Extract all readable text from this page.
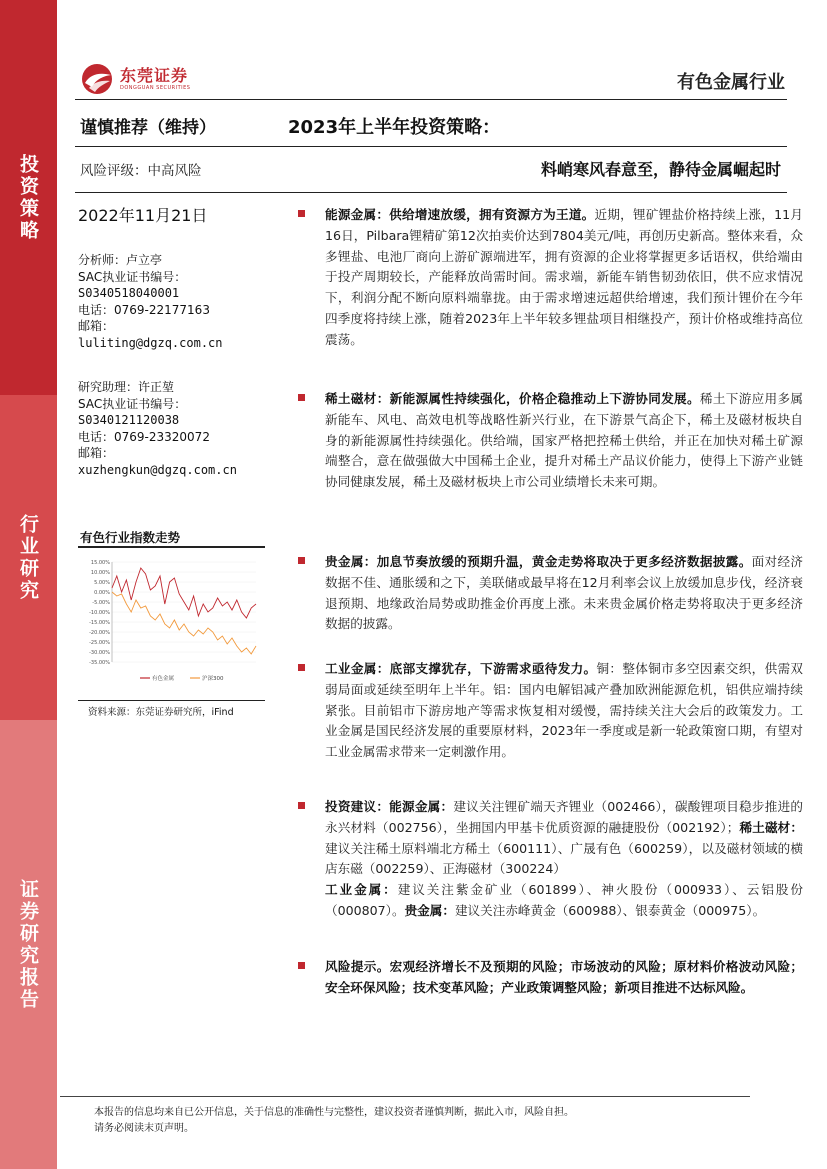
投资策略
行业研究
证券研究报告
东莞证券
DONGGUAN SECURITIES	有色金属行业
谨慎推荐（维持）	2023年上半年投资策略：
风险评级：中高风险	料峭寒风春意至，静待金属崛起时
2022年11月21日
分析师：卢立亭
SAC执业证书编号：
S0340518040001
电话：0769-22177163
邮箱：
luliting@dgzq.com.cn
研究助理：许正堃
SAC执业证书编号：
S0340121120038
电话：0769-23320072
邮箱：
xuzhengkun@dgzq.com.cn
有色行业指数走势
15.00%
10.00%
5.00%
0.00%
-5.00%
-10.00%
-15.00%
-20.00%
-25.00%
-30.00%
-35.00%
有色金属	沪深300
资料来源：东莞证券研究所，iFind

能源金属：供给增速放缓，拥有资源方为王道。近期，锂矿锂盐价格持续上涨，11月16日，Pilbara锂精矿第12次拍卖价达到7804美元/吨，再创历史新高。整体来看，众多锂盐、电池厂商向上游矿源端进军，拥有资源的企业将掌握更多话语权，供给端由于投产周期较长，产能释放尚需时间。需求端，新能车销售韧劲依旧，供不应求情况下，利润分配不断向原料端靠拢。由于需求增速远超供给增速，我们预计锂价在今年四季度将持续上涨，随着2023年上半年较多锂盐项目相继投产，预计价格或维持高位震荡。

稀土磁材：新能源属性持续强化，价格企稳推动上下游协同发展。稀土下游应用多属新能车、风电、高效电机等战略性新兴行业，在下游景气高企下，稀土及磁材板块自身的新能源属性持续强化。供给端，国家严格把控稀土供给，并正在加快对稀土矿源端整合，意在做强做大中国稀土企业，提升对稀土产品议价能力，使得上下游产业链协同健康发展，稀土及磁材板块上市公司业绩增长未来可期。

贵金属：加息节奏放缓的预期升温，黄金走势将取决于更多经济数据披露。面对经济数据不佳、通胀缓和之下，美联储或最早将在12月利率会议上放缓加息步伐，经济衰退预期、地缘政治局势或助推金价再度上涨。未来贵金属价格走势将取决于更多经济数据的披露。

工业金属：底部支撑犹存，下游需求亟待发力。铜：整体铜市多空因素交织，供需双弱局面或延续至明年上半年。铝：国内电解铝减产叠加欧洲能源危机，铝供应端持续紧张。目前铝市下游房地产等需求恢复相对缓慢，需持续关注大会后的政策发力。工业金属是国民经济发展的重要原材料，2023年一季度或是新一轮政策窗口期，有望对工业金属需求带来一定刺激作用。

投资建议：能源金属：建议关注锂矿端天齐锂业（002466），碳酸锂项目稳步推进的永兴材料（002756），坐拥国内甲基卡优质资源的融捷股份（002192）；稀土磁材：建议关注稀土原料端北方稀土（600111）、广晟有色（600259），以及磁材领域的横店东磁（002259）、正海磁材（300224）
工业金属：建议关注紫金矿业（601899）、神火股份（000933）、云铝股份（000807）。贵金属：建议关注赤峰黄金（600988）、银泰黄金（000975）。

风险提示。宏观经济增长不及预期的风险；市场波动的风险；原材料价格波动风险；安全环保风险；技术变革风险；产业政策调整风险；新项目推进不达标风险。

本报告的信息均来自已公开信息，关于信息的准确性与完整性，建议投资者谨慎判断，据此入市，风险自担。
请务必阅读末页声明。
